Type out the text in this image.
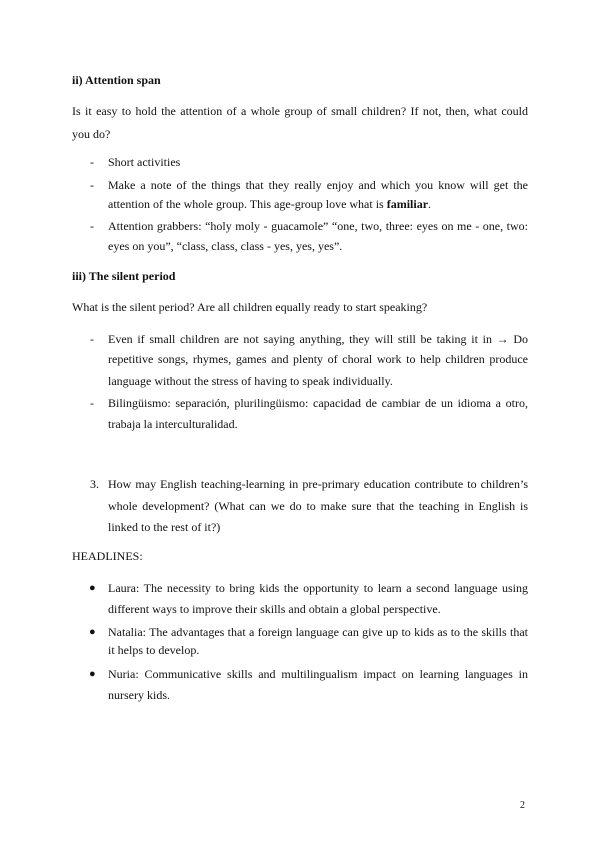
ii) Attention span
Is it easy to hold the attention of a whole group of small children? If not, then, what could
you do?
-	Short activities
-	Make a note of the things that they really enjoy and which you know will get the
attention of the whole group. This age-group love what is familiar.
-	Attention grabbers: “holy moly - guacamole” “one, two, three: eyes on me - one, two:
eyes on you”, “class, class, class - yes, yes, yes”.
iii) The silent period
What is the silent period? Are all children equally ready to start speaking?
-	Even if small children are not saying anything, they will still be taking it in → Do
repetitive songs, rhymes, games and plenty of choral work to help children produce
language without the stress of having to speak individually.
-	Bilingüismo: separación, plurilingüismo: capacidad de cambiar de un idioma a otro,
trabaja la interculturalidad.
3. How may English teaching-learning in pre-primary education contribute to children’s
whole development? (What can we do to make sure that the teaching in English is
linked to the rest of it?)
HEADLINES:
● Laura: The necessity to bring kids the opportunity to learn a second language using
different ways to improve their skills and obtain a global perspective.
● Natalia: The advantages that a foreign language can give up to kids as to the skills that
it helps to develop.
● Nuria: Communicative skills and multilingualism impact on learning languages in
nursery kids.
2
